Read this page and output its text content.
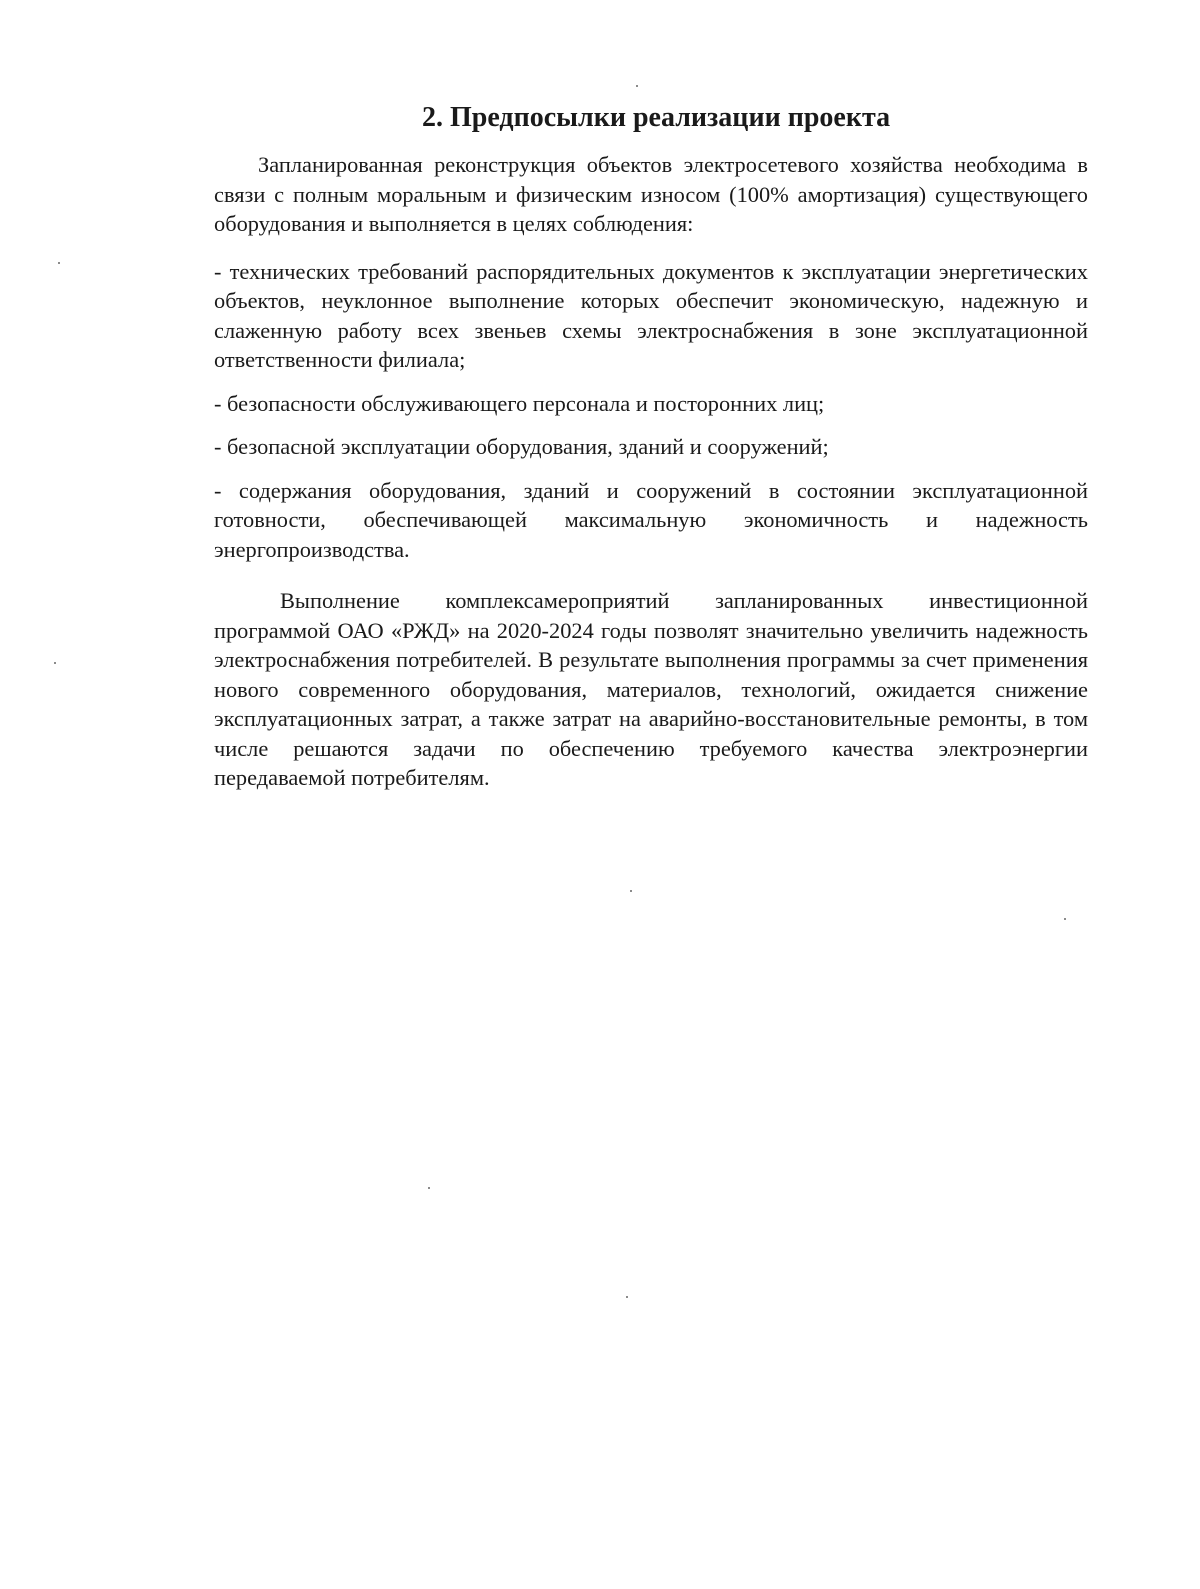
2. Предпосылки реализации проекта

Запланированная реконструкция объектов электросетевого хозяйства необходима в связи с полным моральным и физическим износом (100% амортизация) существующего оборудования и выполняется в целях соблюдения:

- технических требований распорядительных документов к эксплуатации энергетических объектов, неуклонное выполнение которых обеспечит экономическую, надежную и слаженную работу всех звеньев схемы электроснабжения в зоне эксплуатационной ответственности филиала;

- безопасности обслуживающего персонала и посторонних лиц;

- безопасной эксплуатации оборудования, зданий и сооружений;

- содержания оборудования, зданий и сооружений в состоянии эксплуатационной готовности, обеспечивающей максимальную экономичность и надежность энергопроизводства.

Выполнение комплексамероприятий запланированных инвестиционной программой ОАО «РЖД» на 2020-2024 годы позволят значительно увеличить надежность электроснабжения потребителей. В результате выполнения программы за счет применения нового современного оборудования, материалов, технологий, ожидается снижение эксплуатационных затрат, а также затрат на аварийно-восстановительные ремонты, в том числе решаются задачи по обеспечению требуемого качества электроэнергии передаваемой потребителям.
